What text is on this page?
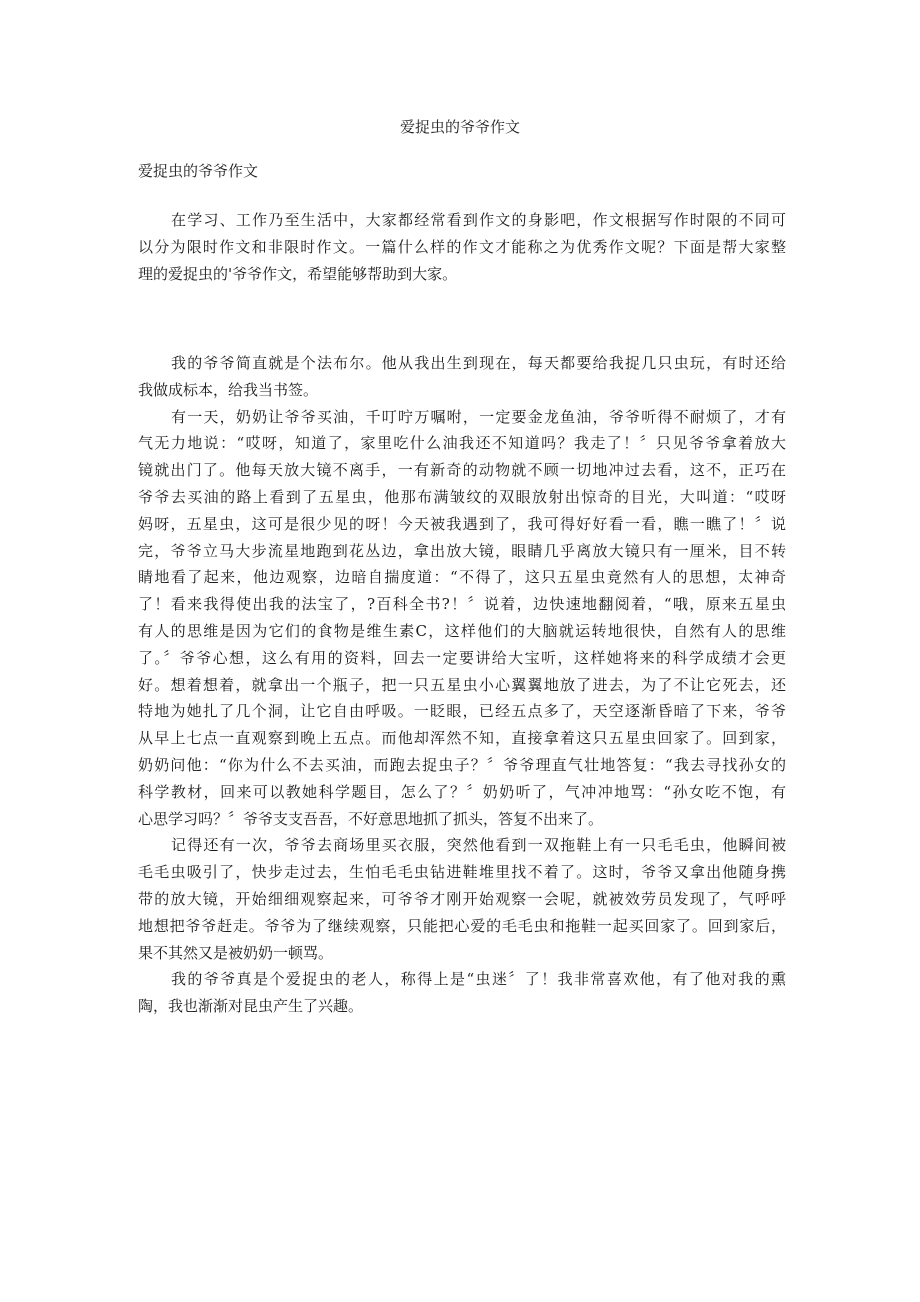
爱捉虫的爷爷作文
爱捉虫的爷爷作文
在学习、工作乃至生活中，大家都经常看到作文的身影吧，作文根据写作时限的不同可
以分为限时作文和非限时作文。一篇什么样的作文才能称之为优秀作文呢？下面是帮大家整
理的爱捉虫的'爷爷作文，希望能够帮助到大家。
我的爷爷简直就是个法布尔。他从我出生到现在，每天都要给我捉几只虫玩，有时还给
我做成标本，给我当书签。
有一天，奶奶让爷爷买油，千叮咛万嘱咐，一定要金龙鱼油，爷爷听得不耐烦了，才有
气无力地说：“哎呀，知道了，家里吃什么油我还不知道吗？我走了！〞只见爷爷拿着放大
镜就出门了。他每天放大镜不离手，一有新奇的动物就不顾一切地冲过去看，这不，正巧在
爷爷去买油的路上看到了五星虫，他那布满皱纹的双眼放射出惊奇的目光，大叫道：“哎呀
妈呀，五星虫，这可是很少见的呀！今天被我遇到了，我可得好好看一看，瞧一瞧了！〞说
完，爷爷立马大步流星地跑到花丛边，拿出放大镜，眼睛几乎离放大镜只有一厘米，目不转
睛地看了起来，他边观察，边暗自揣度道：“不得了，这只五星虫竟然有人的思想，太神奇
了！看来我得使出我的法宝了，?百科全书?！〞说着，边快速地翻阅着，“哦，原来五星虫
有人的思维是因为它们的食物是维生素C，这样他们的大脑就运转地很快，自然有人的思维
了。〞爷爷心想，这么有用的资料，回去一定要讲给大宝听，这样她将来的科学成绩才会更
好。想着想着，就拿出一个瓶子，把一只五星虫小心翼翼地放了进去，为了不让它死去，还
特地为她扎了几个洞，让它自由呼吸。一眨眼，已经五点多了，天空逐渐昏暗了下来，爷爷
从早上七点一直观察到晚上五点。而他却浑然不知，直接拿着这只五星虫回家了。回到家，
奶奶问他：“你为什么不去买油，而跑去捉虫子？〞爷爷理直气壮地答复：“我去寻找孙女的
科学教材，回来可以教她科学题目，怎么了？〞奶奶听了，气冲冲地骂：“孙女吃不饱，有
心思学习吗？〞爷爷支支吾吾，不好意思地抓了抓头，答复不出来了。
记得还有一次，爷爷去商场里买衣服，突然他看到一双拖鞋上有一只毛毛虫，他瞬间被
毛毛虫吸引了，快步走过去，生怕毛毛虫钻进鞋堆里找不着了。这时，爷爷又拿出他随身携
带的放大镜，开始细细观察起来，可爷爷才刚开始观察一会呢，就被效劳员发现了，气呼呼
地想把爷爷赶走。爷爷为了继续观察，只能把心爱的毛毛虫和拖鞋一起买回家了。回到家后，
果不其然又是被奶奶一顿骂。
我的爷爷真是个爱捉虫的老人，称得上是“虫迷〞了！我非常喜欢他，有了他对我的熏
陶，我也渐渐对昆虫产生了兴趣。
